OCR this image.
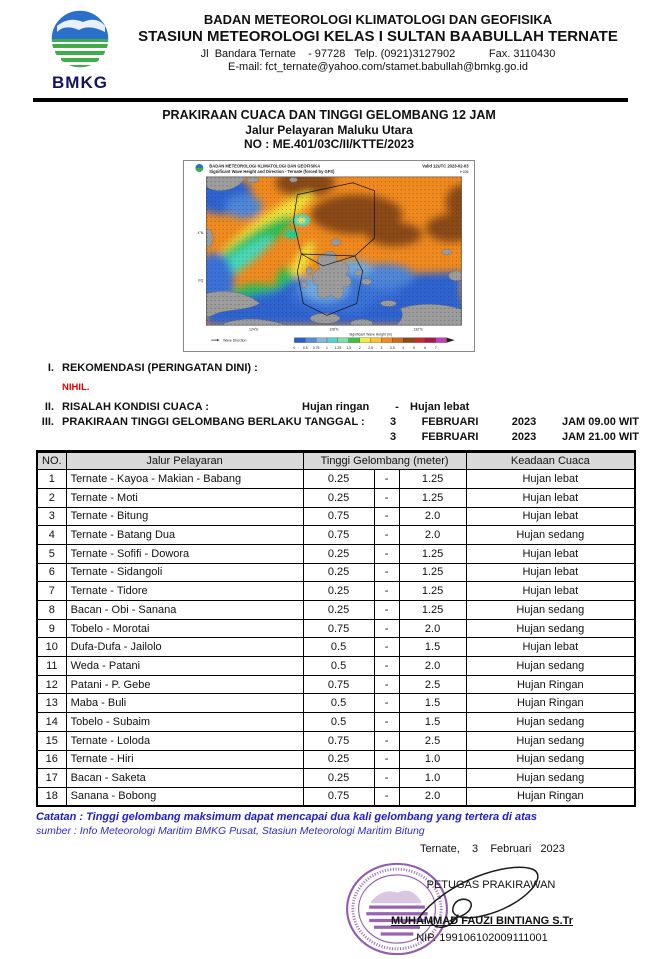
BMKG
BADAN METEOROLOGI KLIMATOLOGI DAN GEOFISIKA
STASIUN METEOROLOGI KELAS I SULTAN BAABULLAH TERNATE
Jl  Bandara Ternate    - 97728   Telp. (0921)3127902           Fax. 3110430
E-mail: fct_ternate@yahoo.com/stamet.babullah@bmkg.go.id
PRAKIRAAN CUACA DAN TINGGI GELOMBANG 12 JAM
Jalur Pelayaran Maluku Utara
NO : ME.401/03C/II/KTTE/2023
BADAN METEOROLOGI KLIMATOLOGI DAN GEOFISIKA
Significant Wave Height and Direction - Ternate (forced by GFS)
Valid 12UTC 2023-02-03
t+036
4°N
EQ
124°E	128°E	132°E
Wave Direction
Significant Wave Height (m)
0 0.5 0.75 1 1.25 1.5 2 2.5 3 3.5 4	5	6	7
I. REKOMENDASI (PERINGATAN DINI) :
NIHIL.
II. RISALAH KONDISI CUACA :	Hujan ringan	-	Hujan lebat
III. PRAKIRAAN TINGGI GELOMBANG BERLAKU TANGGAL :	3	FEBRUARI	2023	JAM 09.00 WIT
3	FEBRUARI	2023	JAM 21.00 WIT
NO.	Jalur Pelayaran	Tinggi Gelombang (meter)			Keadaan Cuaca
1	Ternate - Kayoa - Makian - Babang	0.25	-	1.25	Hujan lebat
2	Ternate - Moti	0.25	-	1.25	Hujan lebat
3	Ternate - Bitung	0.75	-	2.0	Hujan lebat
4	Ternate - Batang Dua	0.75	-	2.0	Hujan sedang
5	Ternate - Sofifi - Dowora	0.25	-	1.25	Hujan lebat
6	Ternate - Sidangoli	0.25	-	1.25	Hujan lebat
7	Ternate - Tidore	0.25	-	1.25	Hujan lebat
8	Bacan - Obi - Sanana	0.25	-	1.25	Hujan sedang
9	Tobelo - Morotai	0.75	-	2.0	Hujan sedang
10	Dufa-Dufa - Jailolo	0.5	-	1.5	Hujan lebat
11	Weda - Patani	0.5	-	2.0	Hujan sedang
12	Patani - P. Gebe	0.75	-	2.5	Hujan Ringan
13	Maba - Buli	0.5	-	1.5	Hujan Ringan
14	Tobelo - Subaim	0.5	-	1.5	Hujan sedang
15	Ternate - Loloda	0.75	-	2.5	Hujan sedang
16	Ternate - Hiri	0.25	-	1.0	Hujan sedang
17	Bacan - Saketa	0.25	-	1.0	Hujan sedang
18	Sanana - Bobong	0.75	-	2.0	Hujan Ringan
Catatan : Tinggi gelombang maksimum dapat mencapai dua kali gelombang yang tertera di atas
sumber : Info Meteorologi Maritim BMKG Pusat, Stasiun Meteorologi Maritim Bitung
Ternate,    3    Februari   2023
PETUGAS PRAKIRAWAN
MUHAMMAD FAUZI BINTIANG S.Tr
NIP. 199106102009111001
